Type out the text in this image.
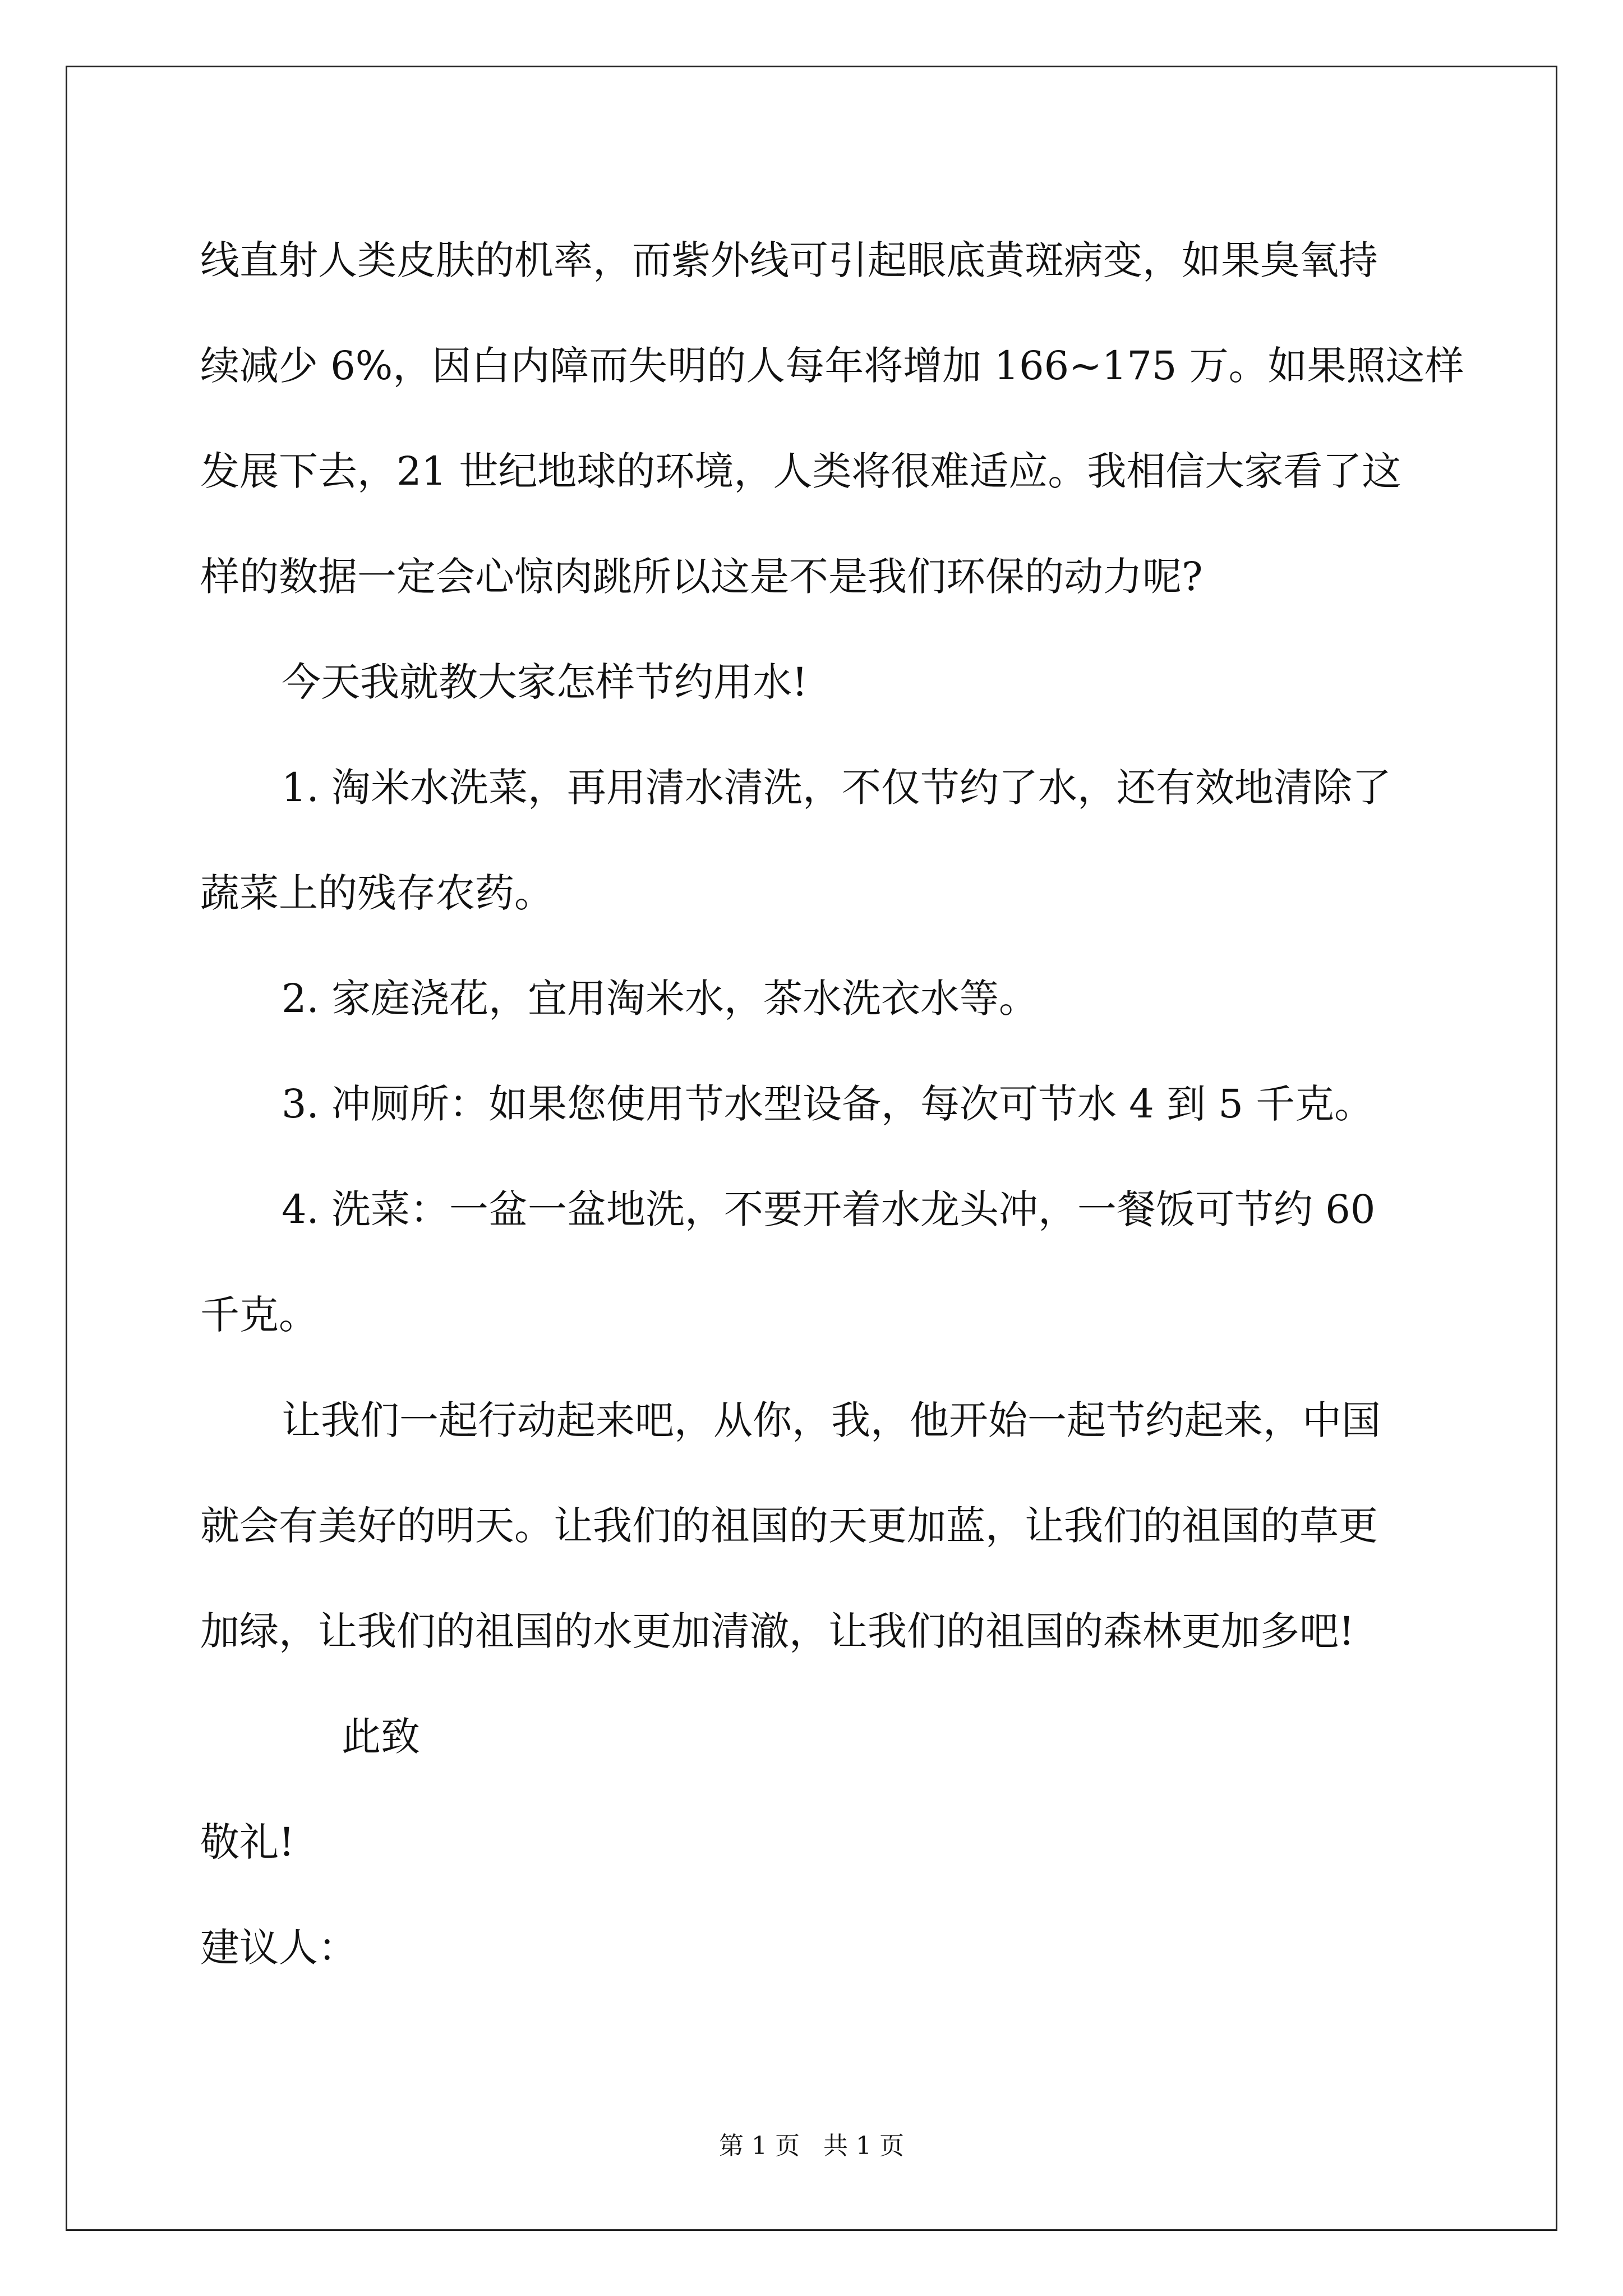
线直射人类皮肤的机率，而紫外线可引起眼底黄斑病变，如果臭氧持
续减少 6%，因白内障而失明的人每年将增加 166~175 万。如果照这样
发展下去，21 世纪地球的环境，人类将很难适应。我相信大家看了这
样的数据一定会心惊肉跳所以这是不是我们环保的动力呢?
今天我就教大家怎样节约用水!
1. 淘米水洗菜，再用清水清洗，不仅节约了水，还有效地清除了
蔬菜上的残存农药。
2. 家庭浇花，宜用淘米水，茶水洗衣水等。
3. 冲厕所：如果您使用节水型设备，每次可节水 4 到 5 千克。
4. 洗菜：一盆一盆地洗，不要开着水龙头冲，一餐饭可节约 60
千克。
让我们一起行动起来吧，从你，我，他开始一起节约起来，中国
就会有美好的明天。让我们的祖国的天更加蓝，让我们的祖国的草更
加绿，让我们的祖国的水更加清澈，让我们的祖国的森林更加多吧!
此致
敬礼!
建议人：
第 1 页   共 1 页
